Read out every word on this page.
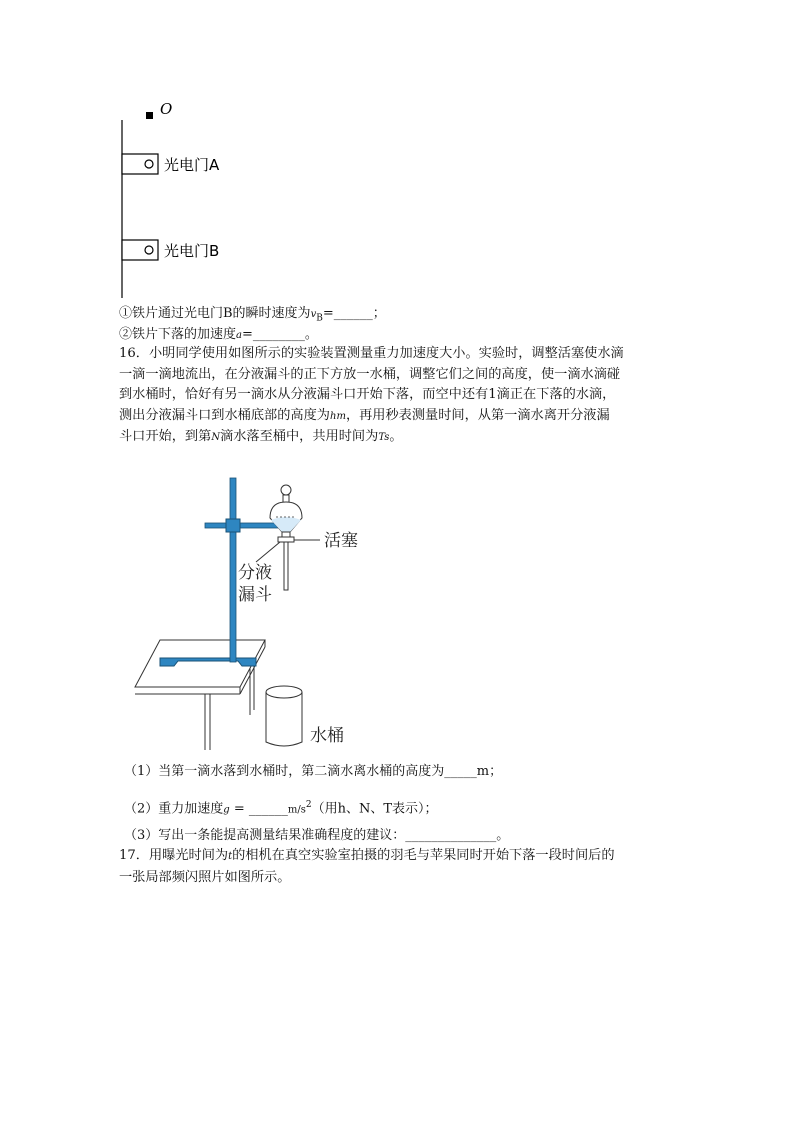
O
光电门A
光电门B
①铁片通过光电门B的瞬时速度为$v_B=\_\_\_\_\_\_$；
②铁片下落的加速度a=________。
16．小明同学使用如图所示的实验装置测量重力加速度大小。实验时，调整活塞使水滴
一滴一滴地流出，在分液漏斗的正下方放一水桶，调整它们之间的高度，使一滴水滴碰
到水桶时，恰好有另一滴水从分液漏斗口开始下落，而空中还有1滴正在下落的水滴，
测出分液漏斗口到水桶底部的高度为hm，再用秒表测量时间，从第一滴水离开分液漏
斗口开始，到第N滴水落至桶中，共用时间为Ts。
活塞
分液
漏斗
水桶
（1）当第一滴水落到水桶时，第二滴水离水桶的高度为_____m；
（2）重力加速度$g = \_\_\_\_\_\_m/s^2$（用h、N、T表示）；
（3）写出一条能提高测量结果准确程度的建议：______________。
17．用曝光时间为t的相机在真空实验室拍摄的羽毛与苹果同时开始下落一段时间后的
一张局部频闪照片如图所示。
